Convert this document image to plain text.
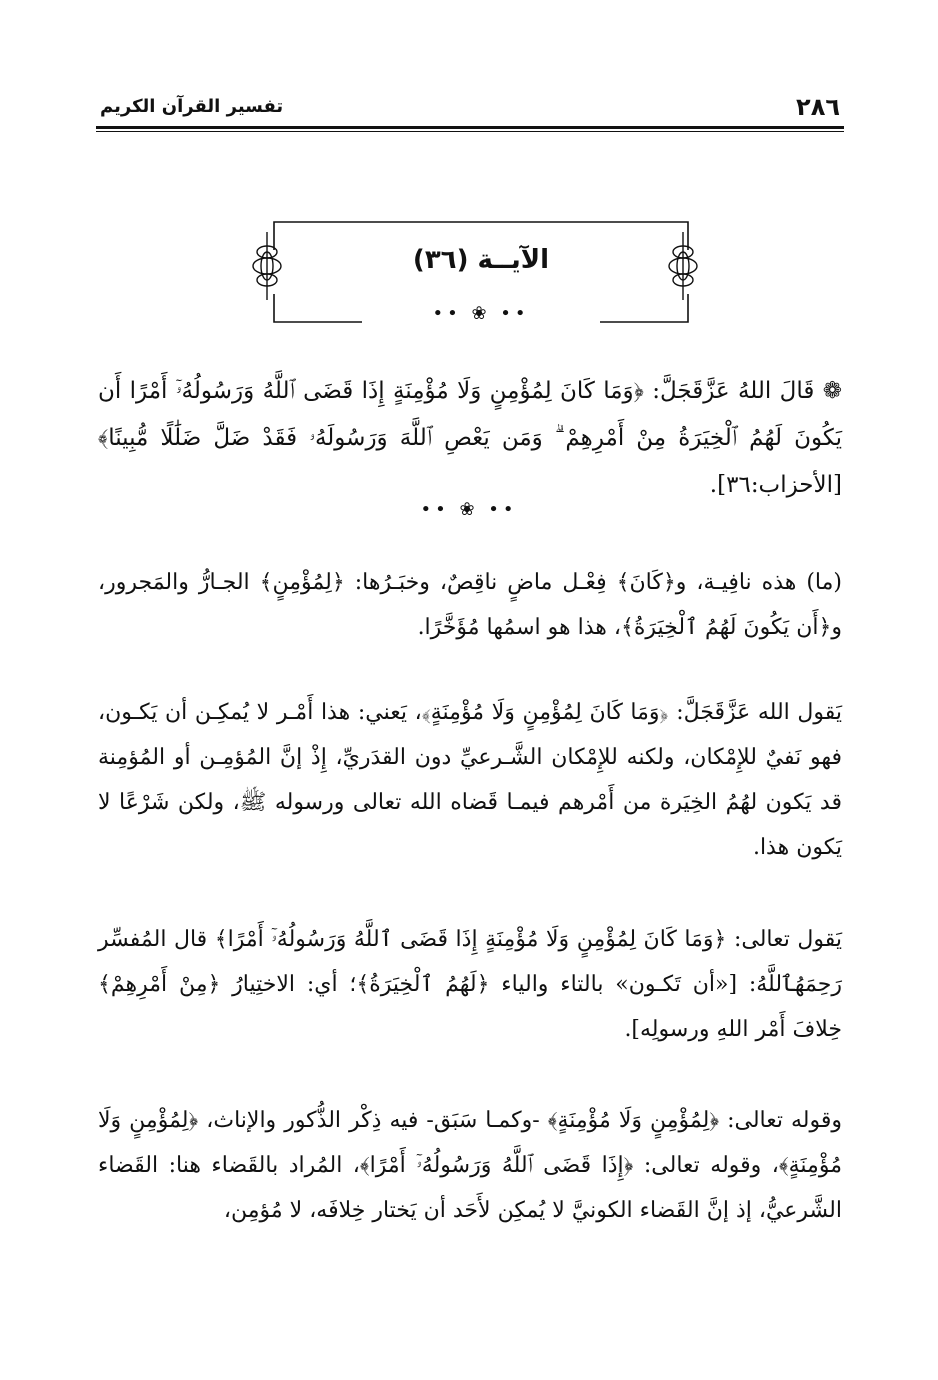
٢٨٦
تفسير القرآن الكريم
الآيــة (٣٦)
•• ❀ ••
❁ قَالَ اللهُ عَزَّقَجَلَّ: ﴿وَمَا كَانَ لِمُؤْمِنٍ وَلَا مُؤْمِنَةٍ إِذَا قَضَى ٱللَّهُ وَرَسُولُهُۥٓ أَمْرًا أَن يَكُونَ لَهُمُ ٱلْخِيَرَةُ مِنْ أَمْرِهِمْ ۗ وَمَن يَعْصِ ٱللَّهَ وَرَسُولَهُۥ فَقَدْ ضَلَّ ضَلَٰلًا مُّبِينًا﴾ [الأحزاب:٣٦].
•• ❀ ••
(ما) هذه نافِيـة، و﴿كَانَ﴾ فِعْـل ماضٍ ناقِصٌ، وخبَـرُها: ﴿لِمُؤْمِنٍ﴾ الجـارُّ والمَجرور، و﴿أَن يَكُونَ لَهُمُ ٱلْخِيَرَةُ﴾، هذا هو اسمُها مُؤَخَّرًا.
يَقول الله عَزَّقَجَلَّ: ﴿وَمَا كَانَ لِمُؤْمِنٍ وَلَا مُؤْمِنَةٍ﴾، يَعني: هذا أَمْـر لا يُمكِـن أن يَكـون، فهو نَفيٌ للإِمْكان، ولكنه للإِمْكان الشَّـرعيِّ دون القدَريِّ، إِذْ إنَّ المُؤمِـن أو المُؤمِنة قد يَكون لهُمُ الخِيَرة من أَمْرهم فيمـا قَضاه الله تعالى ورسوله ﷺ، ولكن شَرْعًا لا يَكون هذا.
يَقول تعالى: ﴿وَمَا كَانَ لِمُؤْمِنٍ وَلَا مُؤْمِنَةٍ إِذَا قَضَى ٱللَّهُ وَرَسُولُهُۥٓ أَمْرًا﴾ قال المُفسِّر رَحِمَهُٱللَّهُ: [«أن تَكـون» بالتاء والياء ﴿لَهُمُ ٱلْخِيَرَةُ﴾؛ أي: الاختِيارُ ﴿مِنْ أَمْرِهِمْ﴾ خِلافَ أَمْر اللهِ ورسولِه].
وقوله تعالى: ﴿لِمُؤْمِنٍ وَلَا مُؤْمِنَةٍ﴾ -وكمـا سَبَق- فيه ذِكْر الذُّكور والإناث، ﴿لِمُؤْمِنٍ وَلَا مُؤْمِنَةٍ﴾، وقوله تعالى: ﴿إِذَا قَضَى ٱللَّهُ وَرَسُولُهُۥٓ أَمْرًا﴾، المُراد بالقَضاء هنا: القَضاء الشَّرعيُّ، إذ إنَّ القَضاء الكونيَّ لا يُمكِن لأَحَد أن يَختار خِلافَه، لا مُؤمِن،
